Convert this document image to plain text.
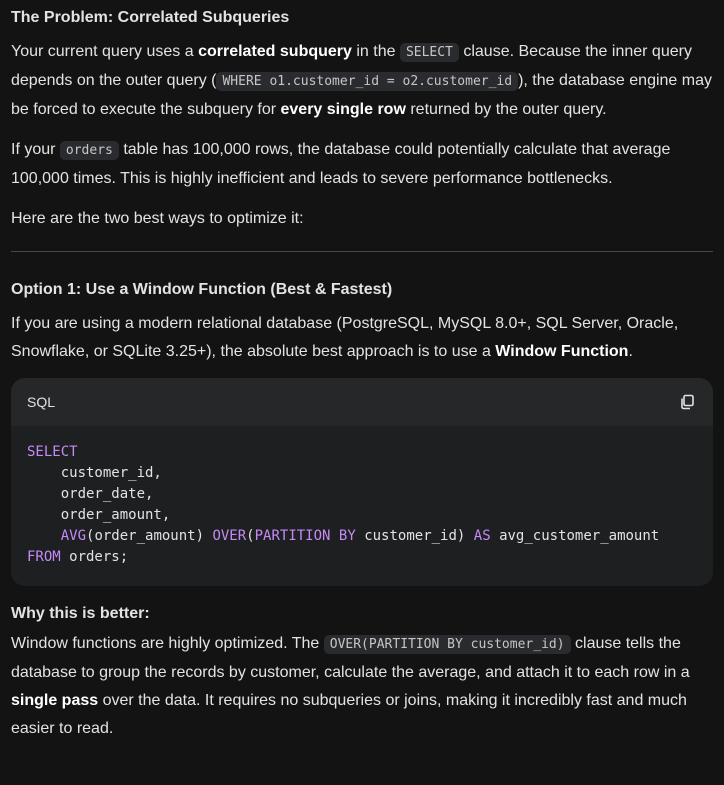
The Problem: Correlated Subqueries

Your current query uses a correlated subquery in the SELECT clause. Because the inner query depends on the outer query ( WHERE o1.customer_id = o2.customer_id ), the database engine may be forced to execute the subquery for every single row returned by the outer query.

If your orders table has 100,000 rows, the database could potentially calculate that average 100,000 times. This is highly inefficient and leads to severe performance bottlenecks.

Here are the two best ways to optimize it:

Option 1: Use a Window Function (Best & Fastest)

If you are using a modern relational database (PostgreSQL, MySQL 8.0+, SQL Server, Oracle, Snowflake, or SQLite 3.25+), the absolute best approach is to use a Window Function.

SQL
SELECT
customer_id,
order_date,
order_amount,
AVG(order_amount) OVER(PARTITION BY customer_id) AS avg_customer_amount
FROM orders;
Why this is better:

Window functions are highly optimized. The OVER(PARTITION BY customer_id) clause tells the database to group the records by customer, calculate the average, and attach it to each row in a single pass over the data. It requires no subqueries or joins, making it incredibly fast and much easier to read.
